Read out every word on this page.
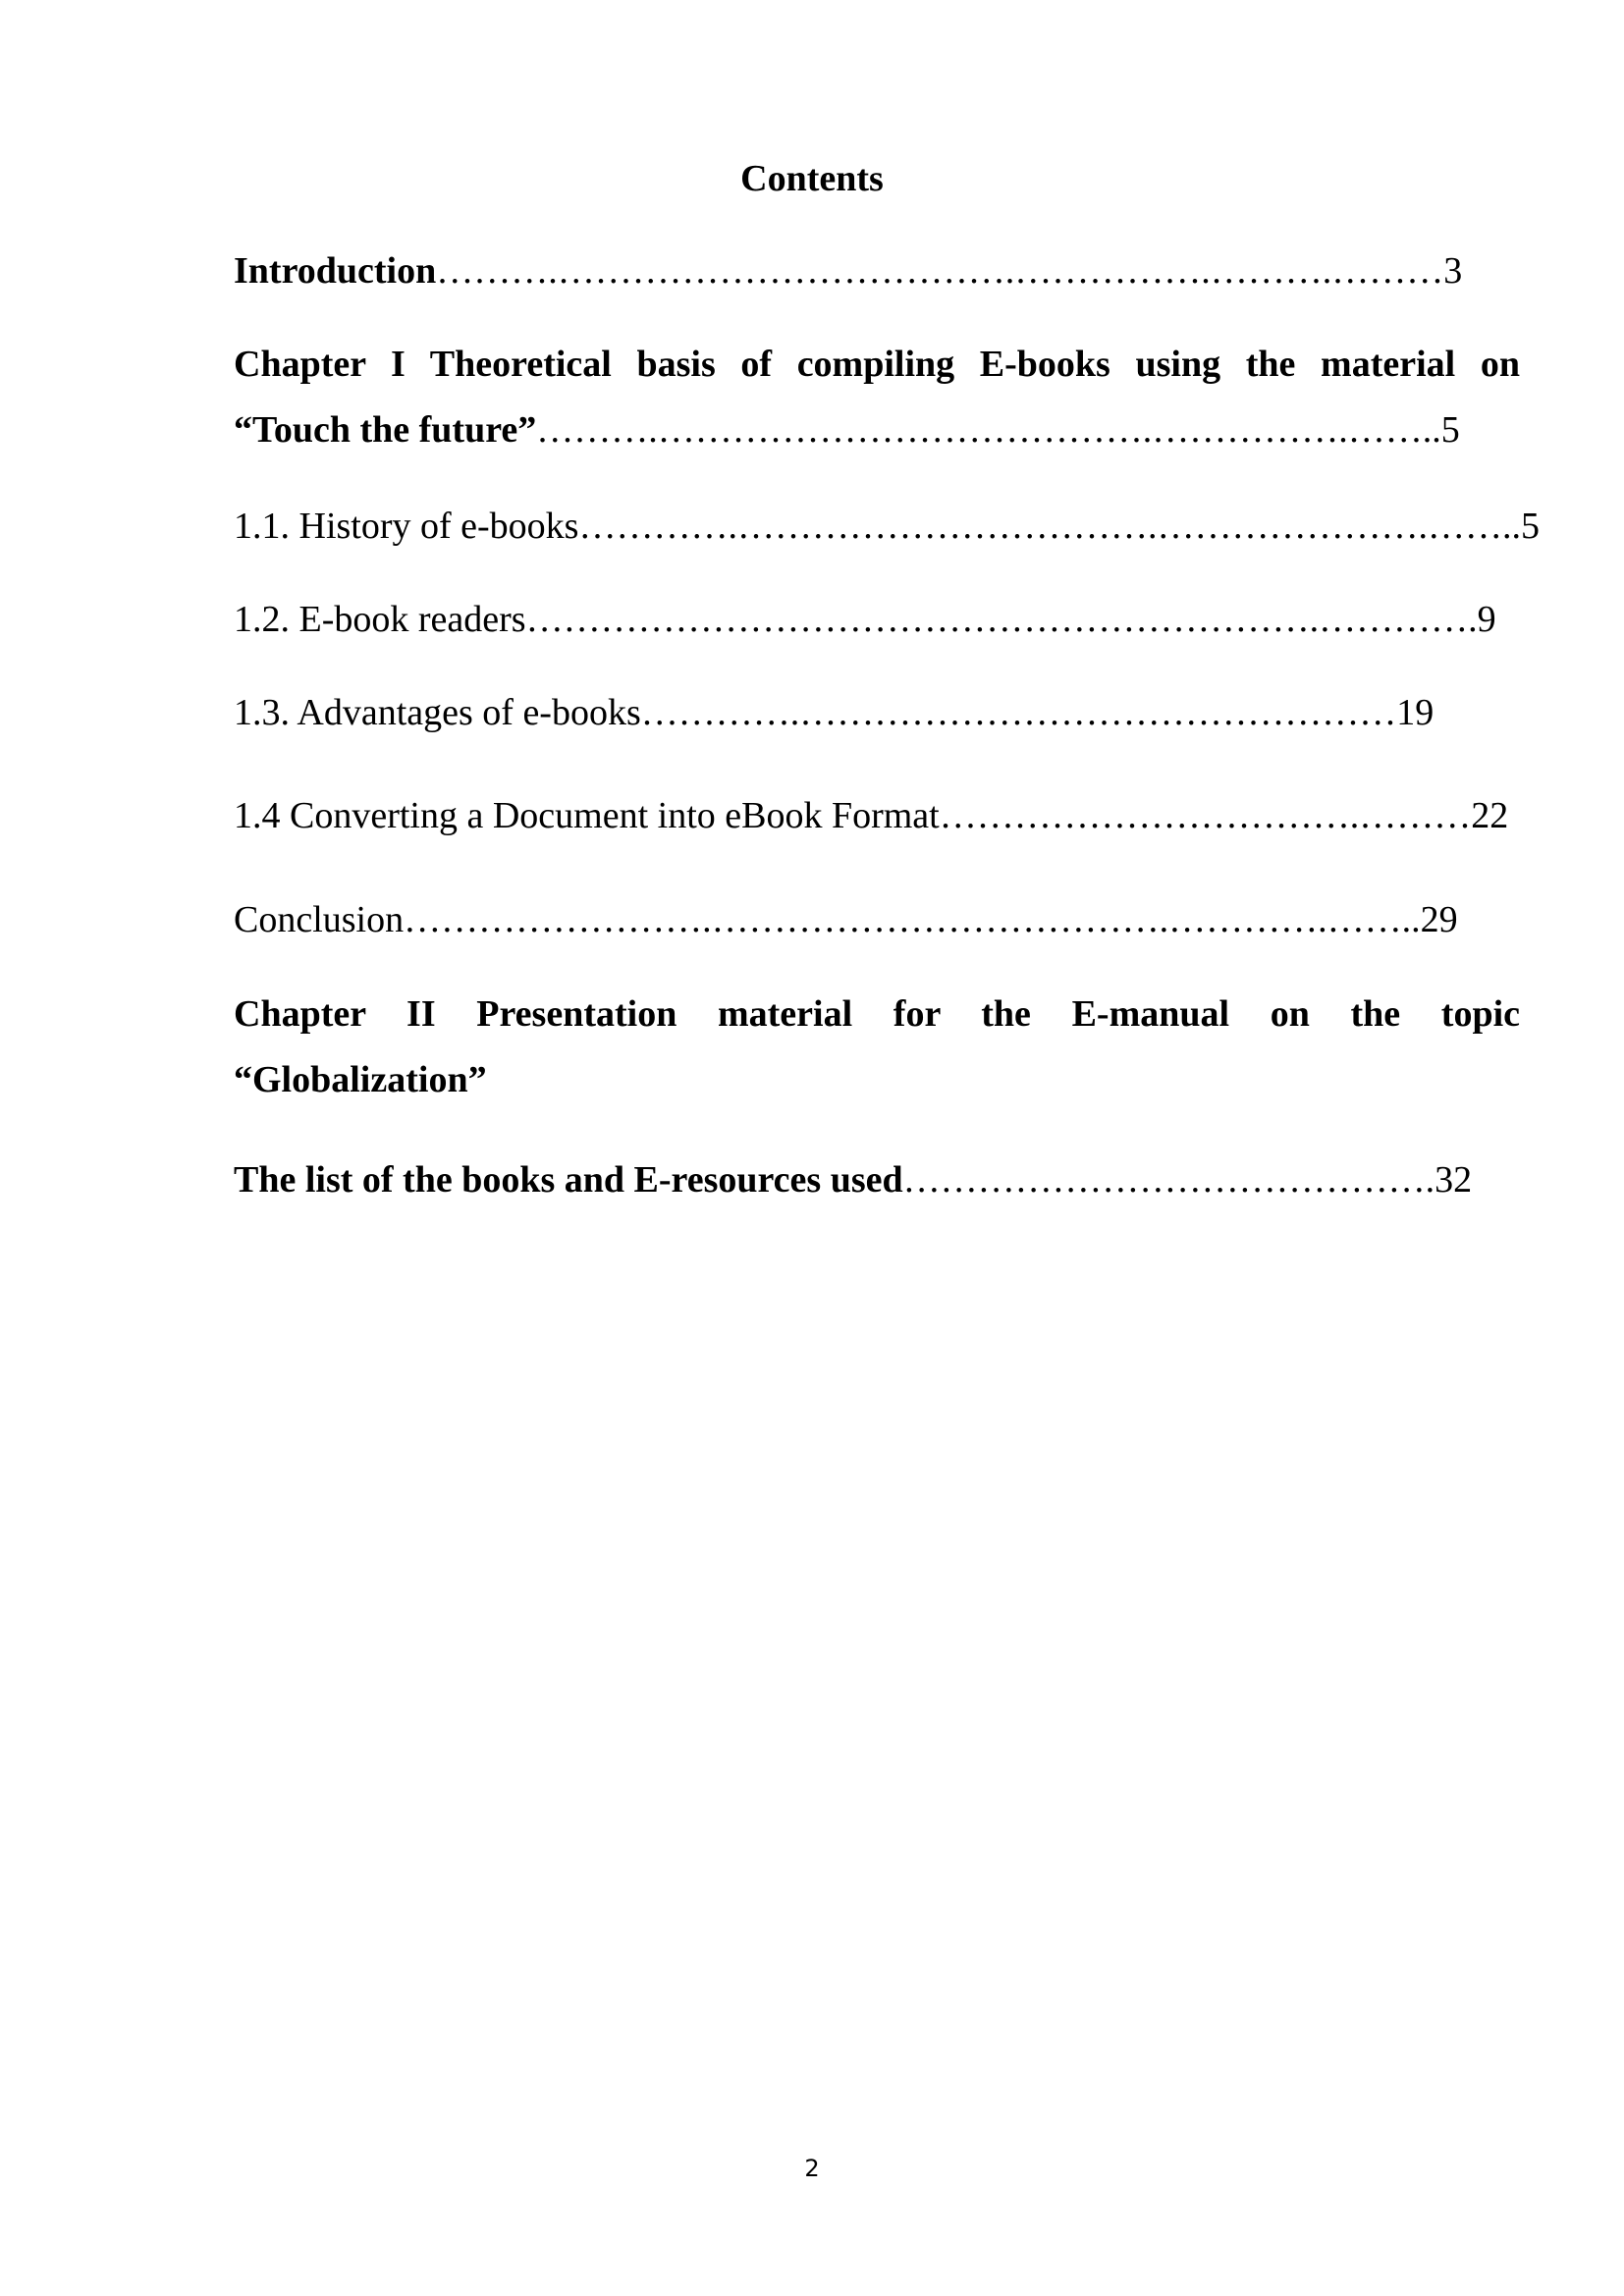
Contents
Introduction……….……………………………….…………….……….………3
Chapter I Theoretical basis of compiling E-books using the material on
“Touch the future”……….………………………………….…………….……..5
1.1. History of e-books………….…………………………….………………….……..5
1.2. E-book readers……………………………………………………….………….9
1.3. Advantages of e-books………….…………………………………………19
1.4 Converting a Document into eBook Format…………………………….………22
Conclusion…………………….……………………………….………….……..29
Chapter II Presentation material for the E-manual on the topic
“Globalization”
The list of the books and E-resources used…………………………………….32
2
